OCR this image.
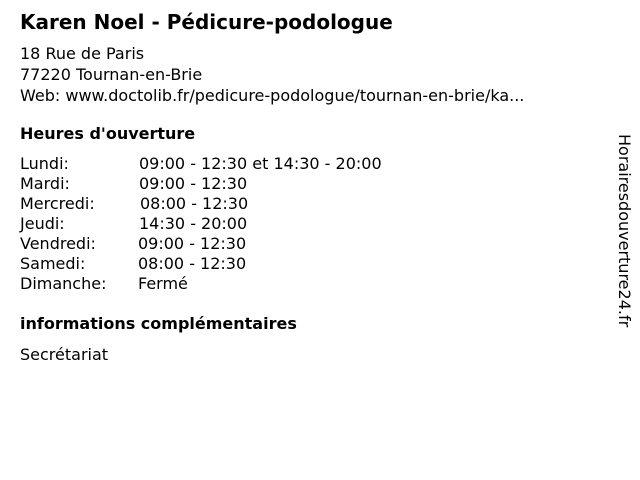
Karen Noel - Pédicure-podologue
18 Rue de Paris
77220 Tournan-en-Brie
Web: www.doctolib.fr/pedicure-podologue/tournan-en-brie/ka...
Heures d'ouverture
Lundi:	09:00 - 12:30 et 14:30 - 20:00
Mardi:	09:00 - 12:30
Mercredi:	08:00 - 12:30
Jeudi:	14:30 - 20:00
Vendredi:	09:00 - 12:30
Samedi:	08:00 - 12:30
Dimanche: Fermé
informations complémentaires
Secrétariat
Horairesdouverture24.fr
